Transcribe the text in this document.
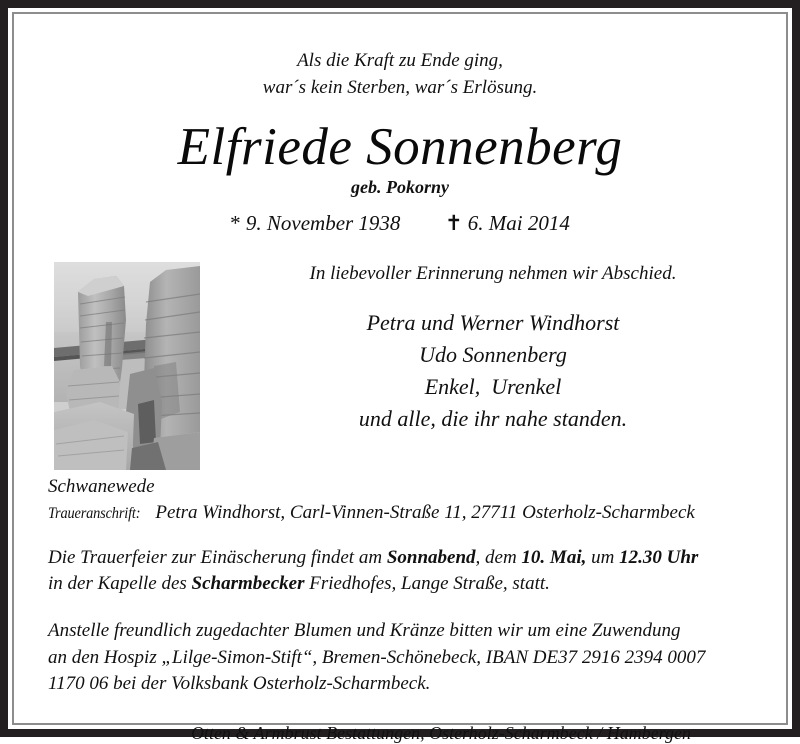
Als die Kraft zu Ende ging,
war´s kein Sterben, war´s Erlösung.
Elfriede Sonnenberg
geb. Pokorny
* 9. November 1938 ✝ 6. Mai 2014
In liebevoller Erinnerung nehmen wir Abschied.
Petra und Werner Windhorst
Udo Sonnenberg
Enkel,  Urenkel
und alle, die ihr nahe standen.
Schwanewede
Traueranschrift: Petra Windhorst, Carl-Vinnen-Straße 11, 27711 Osterholz-Scharmbeck
Die Trauerfeier zur Einäscherung findet am Sonnabend, dem 10. Mai, um 12.30 Uhr
in der Kapelle des Scharmbecker Friedhofes, Lange Straße, statt.
Anstelle freundlich zugedachter Blumen und Kränze bitten wir um eine Zuwendung
an den Hospiz „Lilge-Simon-Stift“, Bremen-Schönebeck, IBAN DE37 2916 2394 0007
1170 06 bei der Volksbank Osterholz-Scharmbeck.
Otten & Armbrust Bestattungen, Osterholz-Scharmbeck / Hambergen
